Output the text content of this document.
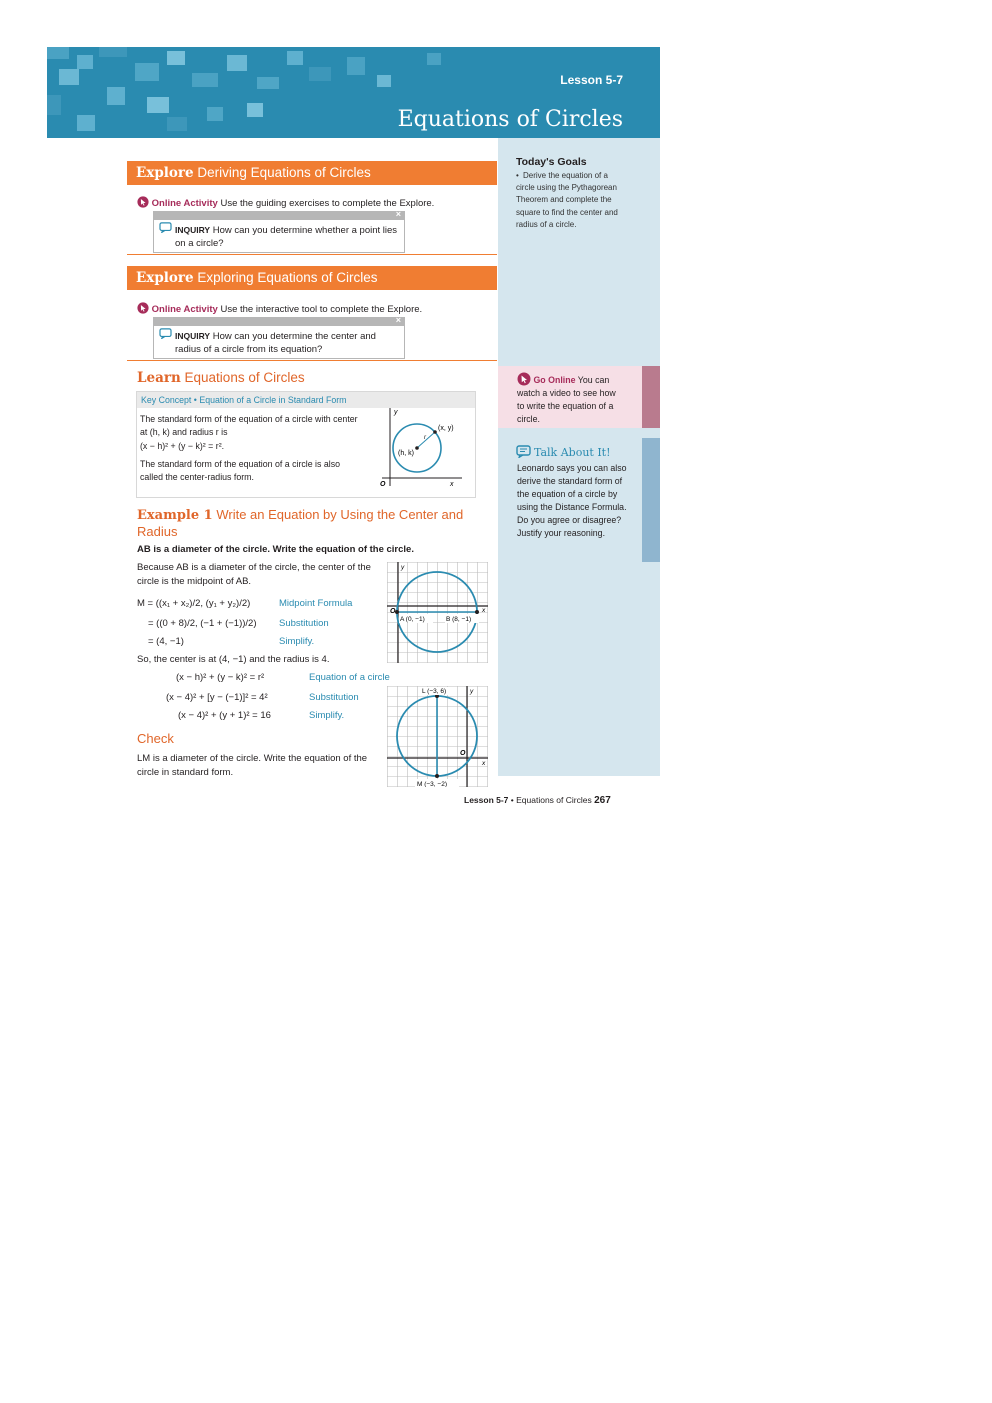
Lesson 5-7
Equations of Circles
Today's Goals
• Derive the equation of a circle using the Pythagorean Theorem and complete the square to find the center and radius of a circle.
Go Online You can watch a video to see how to write the equation of a circle.
Talk About It!
Leonardo says you can also derive the standard form of the equation of a circle by using the Distance Formula. Do you agree or disagree? Justify your reasoning.
Explore Deriving Equations of Circles
Online Activity Use the guiding exercises to complete the Explore.
×
INQUIRY How can you determine whether a point lies on a circle?
Explore Exploring Equations of Circles
Online Activity Use the interactive tool to complete the Explore.
×
INQUIRY How can you determine the center and radius of a circle from its equation?
Learn Equations of Circles
Key Concept • Equation of a Circle in Standard Form
The standard form of the equation of a circle with center at (h, k) and radius r is
(x − h)² + (y − k)² = r².
The standard form of the equation of a circle is also called the center-radius form.
y
x
O
(x, y)
(h, k)
r
Example 1 Write an Equation by Using the Center and Radius
AB is a diameter of the circle. Write the equation of the circle.
Because AB is a diameter of the circle, the center of the circle is the midpoint of AB.
M = ((x₁ + x₂)/2, (y₁ + y₂)/2)	Midpoint Formula
= ((0 + 8)/2, (−1 + (−1))/2) Substitution
= (4, −1)	Simplify.
So, the center is at (4, −1) and the radius is 4.
(x − h)² + (y − k)² = r²	Equation of a circle
(x − 4)² + [y − (−1)]² = 4²	Substitution
(x − 4)² + (y + 1)² = 16	Simplify.
A (0, −1)	B (8, −1)
y
x
O
Check
LM is a diameter of the circle. Write the equation of the circle in standard form.
L (−3, 6)
M (−3, −2)
y
x
O
Lesson 5-7 • Equations of Circles 267
